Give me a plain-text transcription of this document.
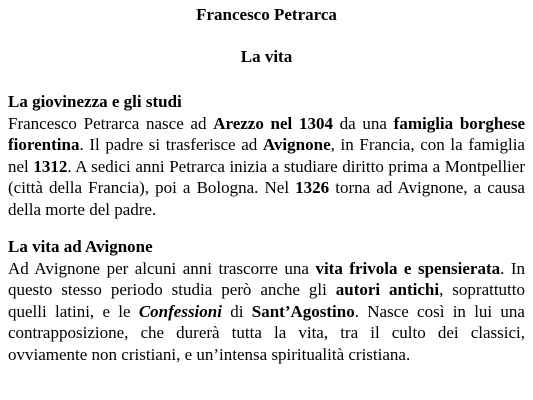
Francesco Petrarca
La vita

La giovinezza e gli studi

Francesco Petrarca nasce ad Arezzo nel 1304 da una famiglia borghese fiorentina. Il padre si trasferisce ad Avignone, in Francia, con la famiglia nel 1312. A sedici anni Petrarca inizia a studiare diritto prima a Montpellier (città della Francia), poi a Bologna. Nel 1326 torna ad Avignone, a causa della morte del padre.

La vita ad Avignone

Ad Avignone per alcuni anni trascorre una vita frivola e spensierata. In questo stesso periodo studia però anche gli autori antichi, soprattutto quelli latini, e le Confessioni di Sant’Agostino. Nasce così in lui una contrapposizione, che durerà tutta la vita, tra il culto dei classici, ovviamente non cristiani, e un’intensa spiritualità cristiana.
